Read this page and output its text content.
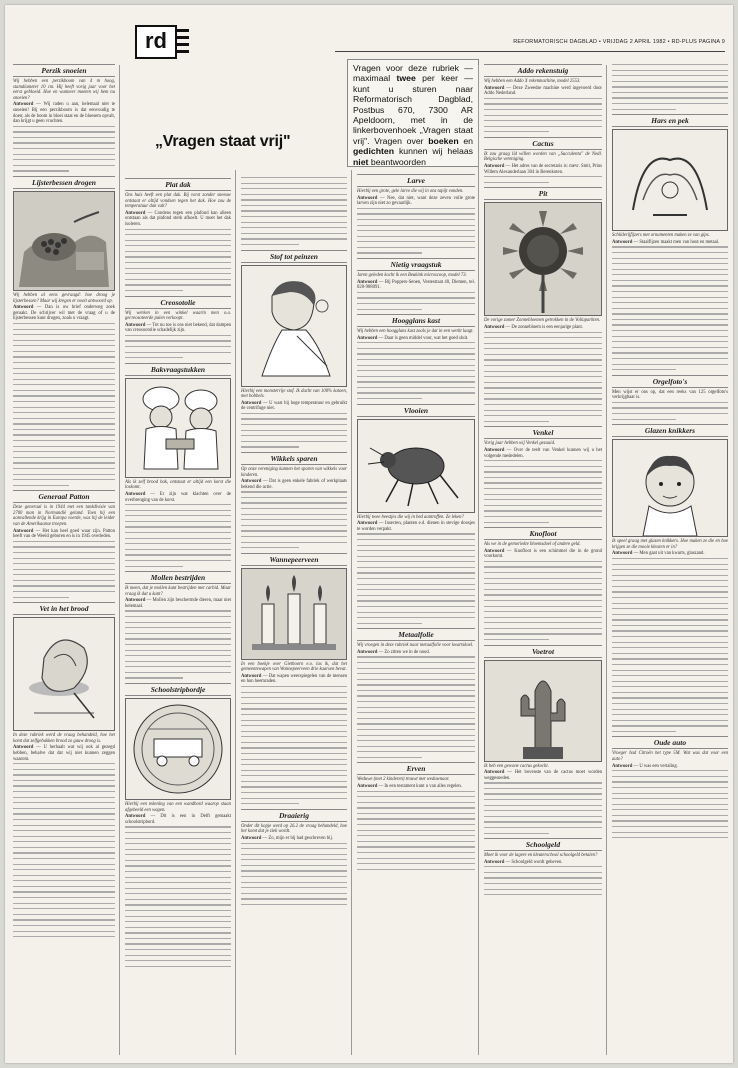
rd	REFORMATORISCH DAGBLAD • VRIJDAG 2 APRIL 1982 • RD-PLUS PAGINA 9
„Vragen staat vrij"
Vragen voor deze rubriek — maximaal twee per keer — kunt u sturen naar Reformatorisch Dagblad, Postbus 670, 7300 AR Apeldoorn, met in de linkerbovenhoek „Vragen staat vrij". Vragen over boeken en gedichten kunnen wij helaas niet beantwoorden
Perzik snoeien

Wij hebben een perzikboom van 4 m hoog, stamdiameter 10 cm. Hij heeft vorig jaar voor het eerst gebloeid. Hoe en wanneer moeten wij hem nu snoeien?

Antwoord — Wij raden u aan, helemaal niet te snoeien! Bij een perzikboom is dat eenvoudig te doen; als de boom in bloei staat en de bloesem opvalt, dan krijgt u geen vruchten.

Lijsterbessen drogen

Wij hebben al eens gevraagd: hoe droog je lijsterbessen? Maar wij kregen er nooit antwoord op.

Antwoord — Dan is uw brief onderweg zoek geraakt. De schrijver wil met de vraag of u de lijsterbessen kunt drogen, zoals u vraagt.

Generaal Patton

Deze generaal is in 1944 met een tankdivisie van 2700 man in Normandië geland. Toen hij een aanvallende krijg in Europa voerde, was hij de leider van de Amerikaanse troepen.

Antwoord — Het kan heel goed waar zijn. Patton heeft van de Weeld geboren en is in 1945 overleden.

Vet in het brood

In deze rubriek werd de vraag behandeld, hoe het komt dat zelfgebakken brood zo gauw droog is.

Antwoord — U herhaalt wat wij ook al gezegd hebben, behalve dat dat wij niet kunnen zeggen waarom.

Plat dak

Ons huis heeft een plat dak. Bij vorst zonder sneeuw ontstaat er altijd vondsen tegen het dak. Hoe zou de temperatuur dan valt?

Antwoord — Condens tegen een plafond kan alleen ontstaan als dat plafond sterk afkoelt. U moet het dak isoleren.

Creosotolie

Wij werken in een winkel waarin men o.a. gecreosoteerde palen verkoopt.

Antwoord — Tot nu toe is ons niet bekend, dat dampen van creosootolie schadelijk zijn.

Bakvraagstukken

Als ik zelf brood bak, ontstaat er altijd een korst die loskomt.

Antwoord — Er zijn wat klachten over de overbrenging van de korst.

Mollen bestrijden

Ik meen, dat je mollen kunt bestrijden met carbid. Maar vraag ik dat u kunt?

Antwoord — Mollen zijn beschermde dieren, maar niet helemaal.

Schoolstripbordje

Hierbij een tekening van een wandbord waarop staan afgebeeld een wagen.

Antwoord — Dit is een in Delft gemaakt schoolstripbord.

Stof tot peinzen

Hierbij een monsterrije stof. Ik dacht van 100% katoen, met bobbels.

Antwoord — U wast bij hoge temperatuur en gebruikt de centrifuge niet.

Wikkels sparen

Op onze vereniging kunnen het sparen van wikkels voor kinderen.

Antwoord — Dat is geen enkele fabriek of werkplaats bekend die actie.

Wannepeerveen

In een boekje over Giethoorn e.o. las ik, dat het gemeentewapen van Wannepeerveen drie kaarsen bevat.

Antwoord — Dat wapen weerspiegelen van de mensen en hun heemraden.

Draaierig

Onder dit kopje werd op 26.2 de vraag behandeld, hoe het komt dat je ziek wordt.

Antwoord — Zo, mijn er bij had geschreven bij.

Larve

Hierbij een grote, gele larve die wij in ons tapijt vonden.

Antwoord — Nee, dat niet, want deze zeven volle grote larven zijn niet zo gevaarlijk.

Nietig vraagstuk

Jaren geleden kocht ik een Beukink microscoop, model 73.

Antwoord — Bij Poppers-Senen, Vestestraat 40, Diemen, tel. 020-908091.

Hoogglans kast

Wij hebben een hoogglans kast zoals je dat in een werkt laagt.

Antwoord — Daar is geen middel voor, wat het goed sluit.

Vlooien

Hierbij twee beestjes die wij in bed aantroffen. Ze leken?

Antwoord — Insecten, planten e.d. dienen in stevige doosjes te worden verpakt.

Metaalfolie

Wij vroegen in deze rubriek naar metaalfolie voor kwartskoel.

Antwoord — Zo zitten we in de nood.

Erven

Weduwe (met 2 kinderen) trouwt met weduwnaar.

Antwoord — In een testament kunt u van alles regelen.

Addo rekenstuig

Wij hebben een Addo X rekenmachine, model 2553.

Antwoord — Deze Zweedse machine werd ingevoerd door Addo Nederland.

Cactus

Ik zou graag lid willen worden van „Succulenta" de Nedl. Belgische vereniging.

Antwoord — Het adres van de secretaris is: mevr. Smit, Prins Willem Alexanderlaan 304 in Berenkoten.

Pit

De vorige zomer Zonnebloemen getrokken in de Vollaparkten.

Antwoord — De zonnebloem is een eenjarige plant.

Venkel

Vorig jaar hebben wij Venkel gezaaid.

Antwoord — Over de teelt van Venkel kunnen wij u het volgende mededelen.

Knofloot

Als we in de gemoriekte bloemsdoel of andere geld.

Antwoord — Knofloot is een schimmel die in de grond voorkomt.

Voetrot

Ik heb een gewone cactus gekocht.

Antwoord — Het bovenste van de cactus moet worden weggesneden.

Schoolgeld

Moet ik voor de lagere en kleuterschool schoolgeld betalen?

Antwoord — Schoolgeld wordt geheven.

Hars en pek

Schilderijfijzers met ornamenten maken ze van gips.

Antwoord — Staalfijzen maakt men van hout en metaal.

Orgelfoto's

Men wijst er ons op, dat een reeks van 125 orgelfoto's verkrijgbaar is.

Glazen knikkers

Ik speel graag met glazen knikkers. Hoe maken ze die en hoe krijgen ze die mooie kleuren er in?

Antwoord — Men gaat uit van kwarts, glaszand.

Oude auto

Vroeger had Citroën het type 5M. Wat was dat voor een auto?

Antwoord — U was een vertaling.
